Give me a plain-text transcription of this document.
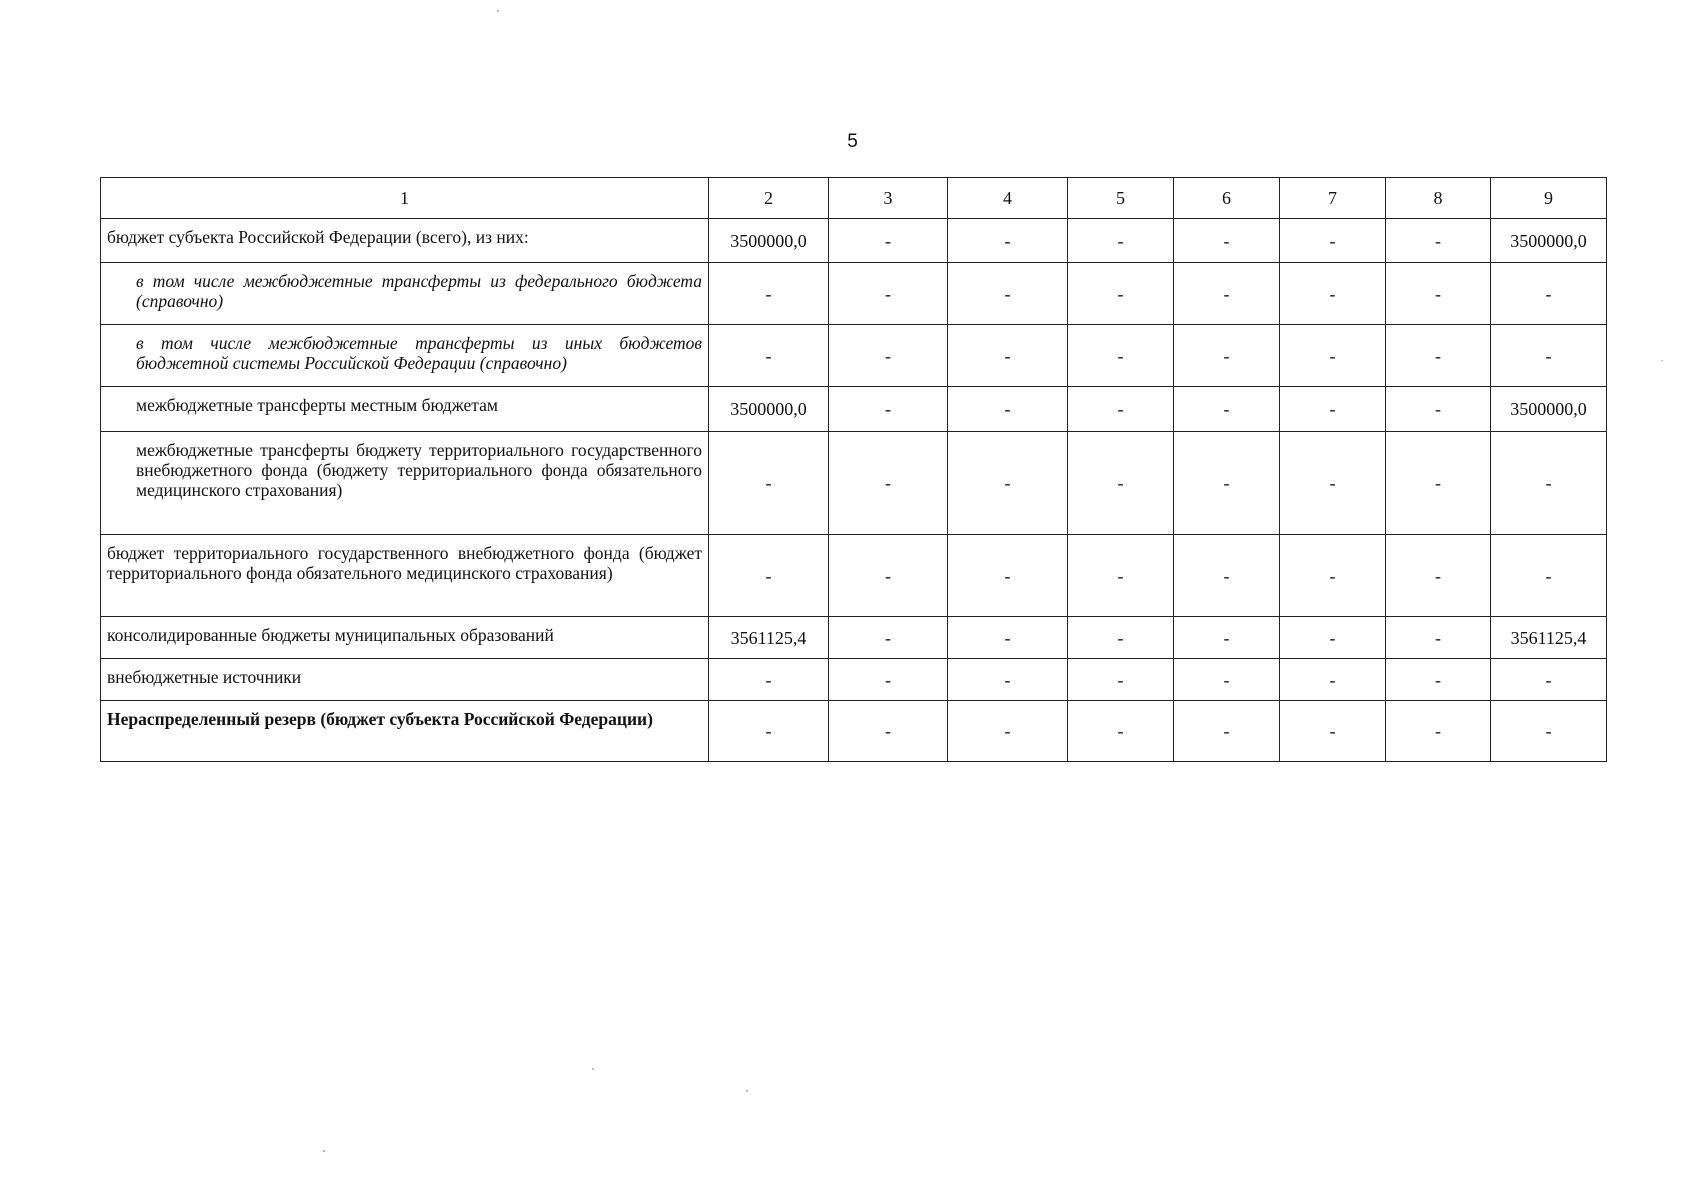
5
1	2	3	4	5	6	7	8	9
бюджет субъекта Российской Федерации (всего), из них:	3500000,0	-	-	-	-	-	-	3500000,0
в том числе межбюджетные трансферты из федерального бюджета (справочно)	-	-	-	-	-	-	-	-
в том числе межбюджетные трансферты из иных бюджетов бюджетной системы Российской Федерации (справочно)	-	-	-	-	-	-	-	-
межбюджетные трансферты местным бюджетам	3500000,0	-	-	-	-	-	-	3500000,0
межбюджетные трансферты бюджету территориального государственного внебюджетного фонда (бюджету территориального фонда обязательного медицинского страхования)	-	-	-	-	-	-	-	-
бюджет территориального государственного внебюджетного фонда (бюджет территориального фонда обязательного медицинского страхования)	-	-	-	-	-	-	-	-
консолидированные бюджеты муниципальных образований	3561125,4	-	-	-	-	-	-	3561125,4
внебюджетные источники	-	-	-	-	-	-	-	-
Нераспределенный резерв (бюджет субъекта Российской Федерации)	-	-	-	-	-	-	-	-
